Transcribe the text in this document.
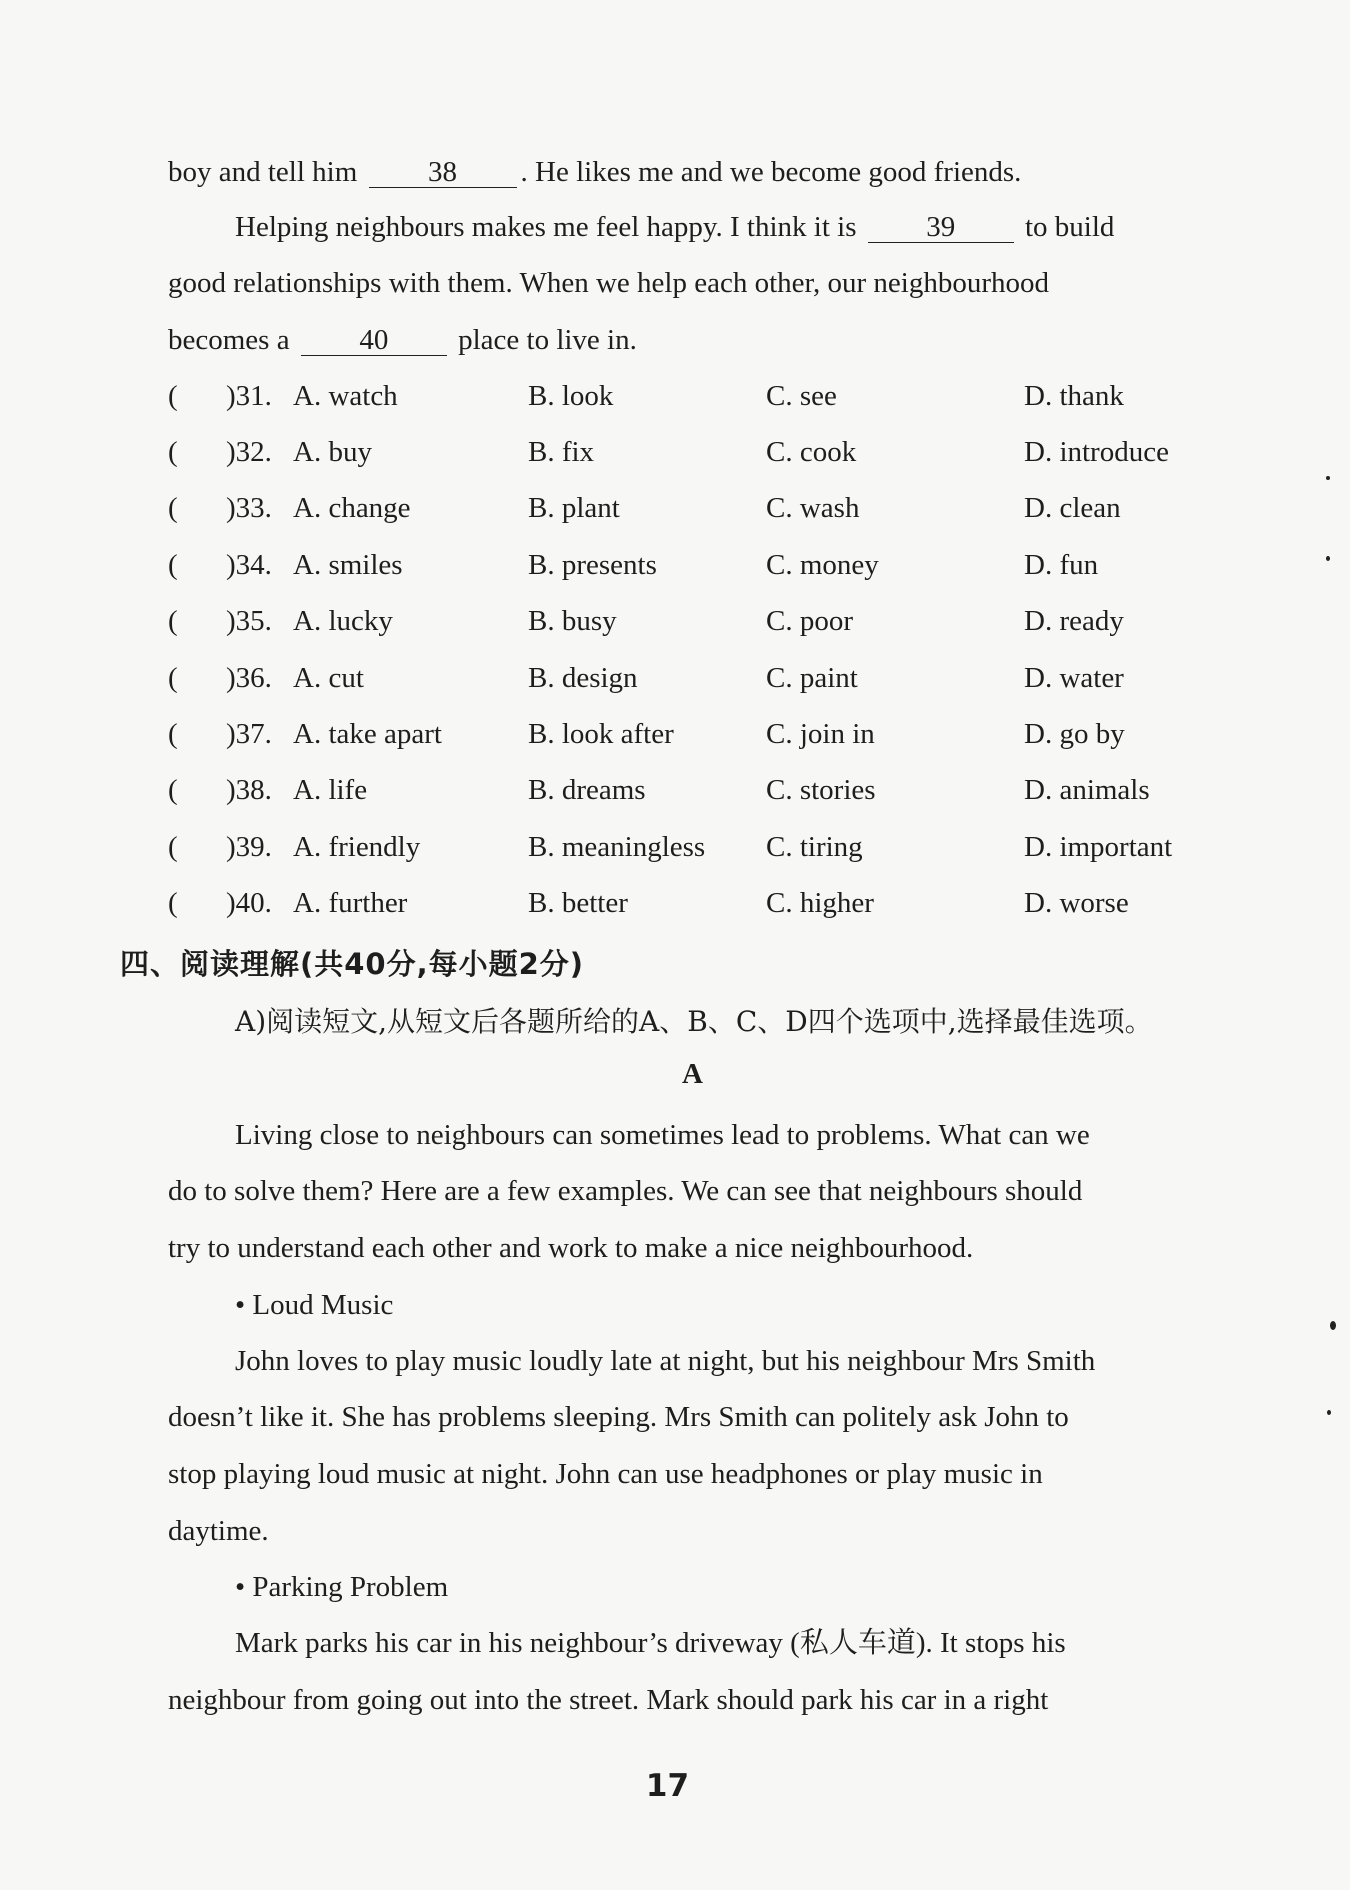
boy and tell him 38 . He likes me and we become good friends.
Helping neighbours makes me feel happy. I think it is 39 to build
good relationships with them. When we help each other, our neighbourhood
becomes a 40 place to live in.
( )31. A. watch	B. look	C. see	D. thank
( )32. A. buy	B. fix	C. cook	D. introduce
( )33. A. change	B. plant	C. wash	D. clean
( )34. A. smiles	B. presents	C. money	D. fun
( )35. A. lucky	B. busy	C. poor	D. ready
( )36. A. cut	B. design	C. paint	D. water
( )37. A. take apart	B. look after	C. join in	D. go by
( )38. A. life	B. dreams	C. stories	D. animals
( )39. A. friendly	B. meaningless C. tiring	D. important
( )40. A. further	B. better	C. higher	D. worse
四、阅读理解(共40分,每小题2分)
A)阅读短文,从短文后各题所给的A、B、C、D四个选项中,选择最佳选项。
A
Living close to neighbours can sometimes lead to problems. What can we
do to solve them? Here are a few examples. We can see that neighbours should
try to understand each other and work to make a nice neighbourhood.
• Loud Music
John loves to play music loudly late at night, but his neighbour Mrs Smith
doesn’t like it. She has problems sleeping. Mrs Smith can politely ask John to
stop playing loud music at night. John can use headphones or play music in
daytime.
• Parking Problem
Mark parks his car in his neighbour’s driveway (私人车道). It stops his
neighbour from going out into the street. Mark should park his car in a right
17
